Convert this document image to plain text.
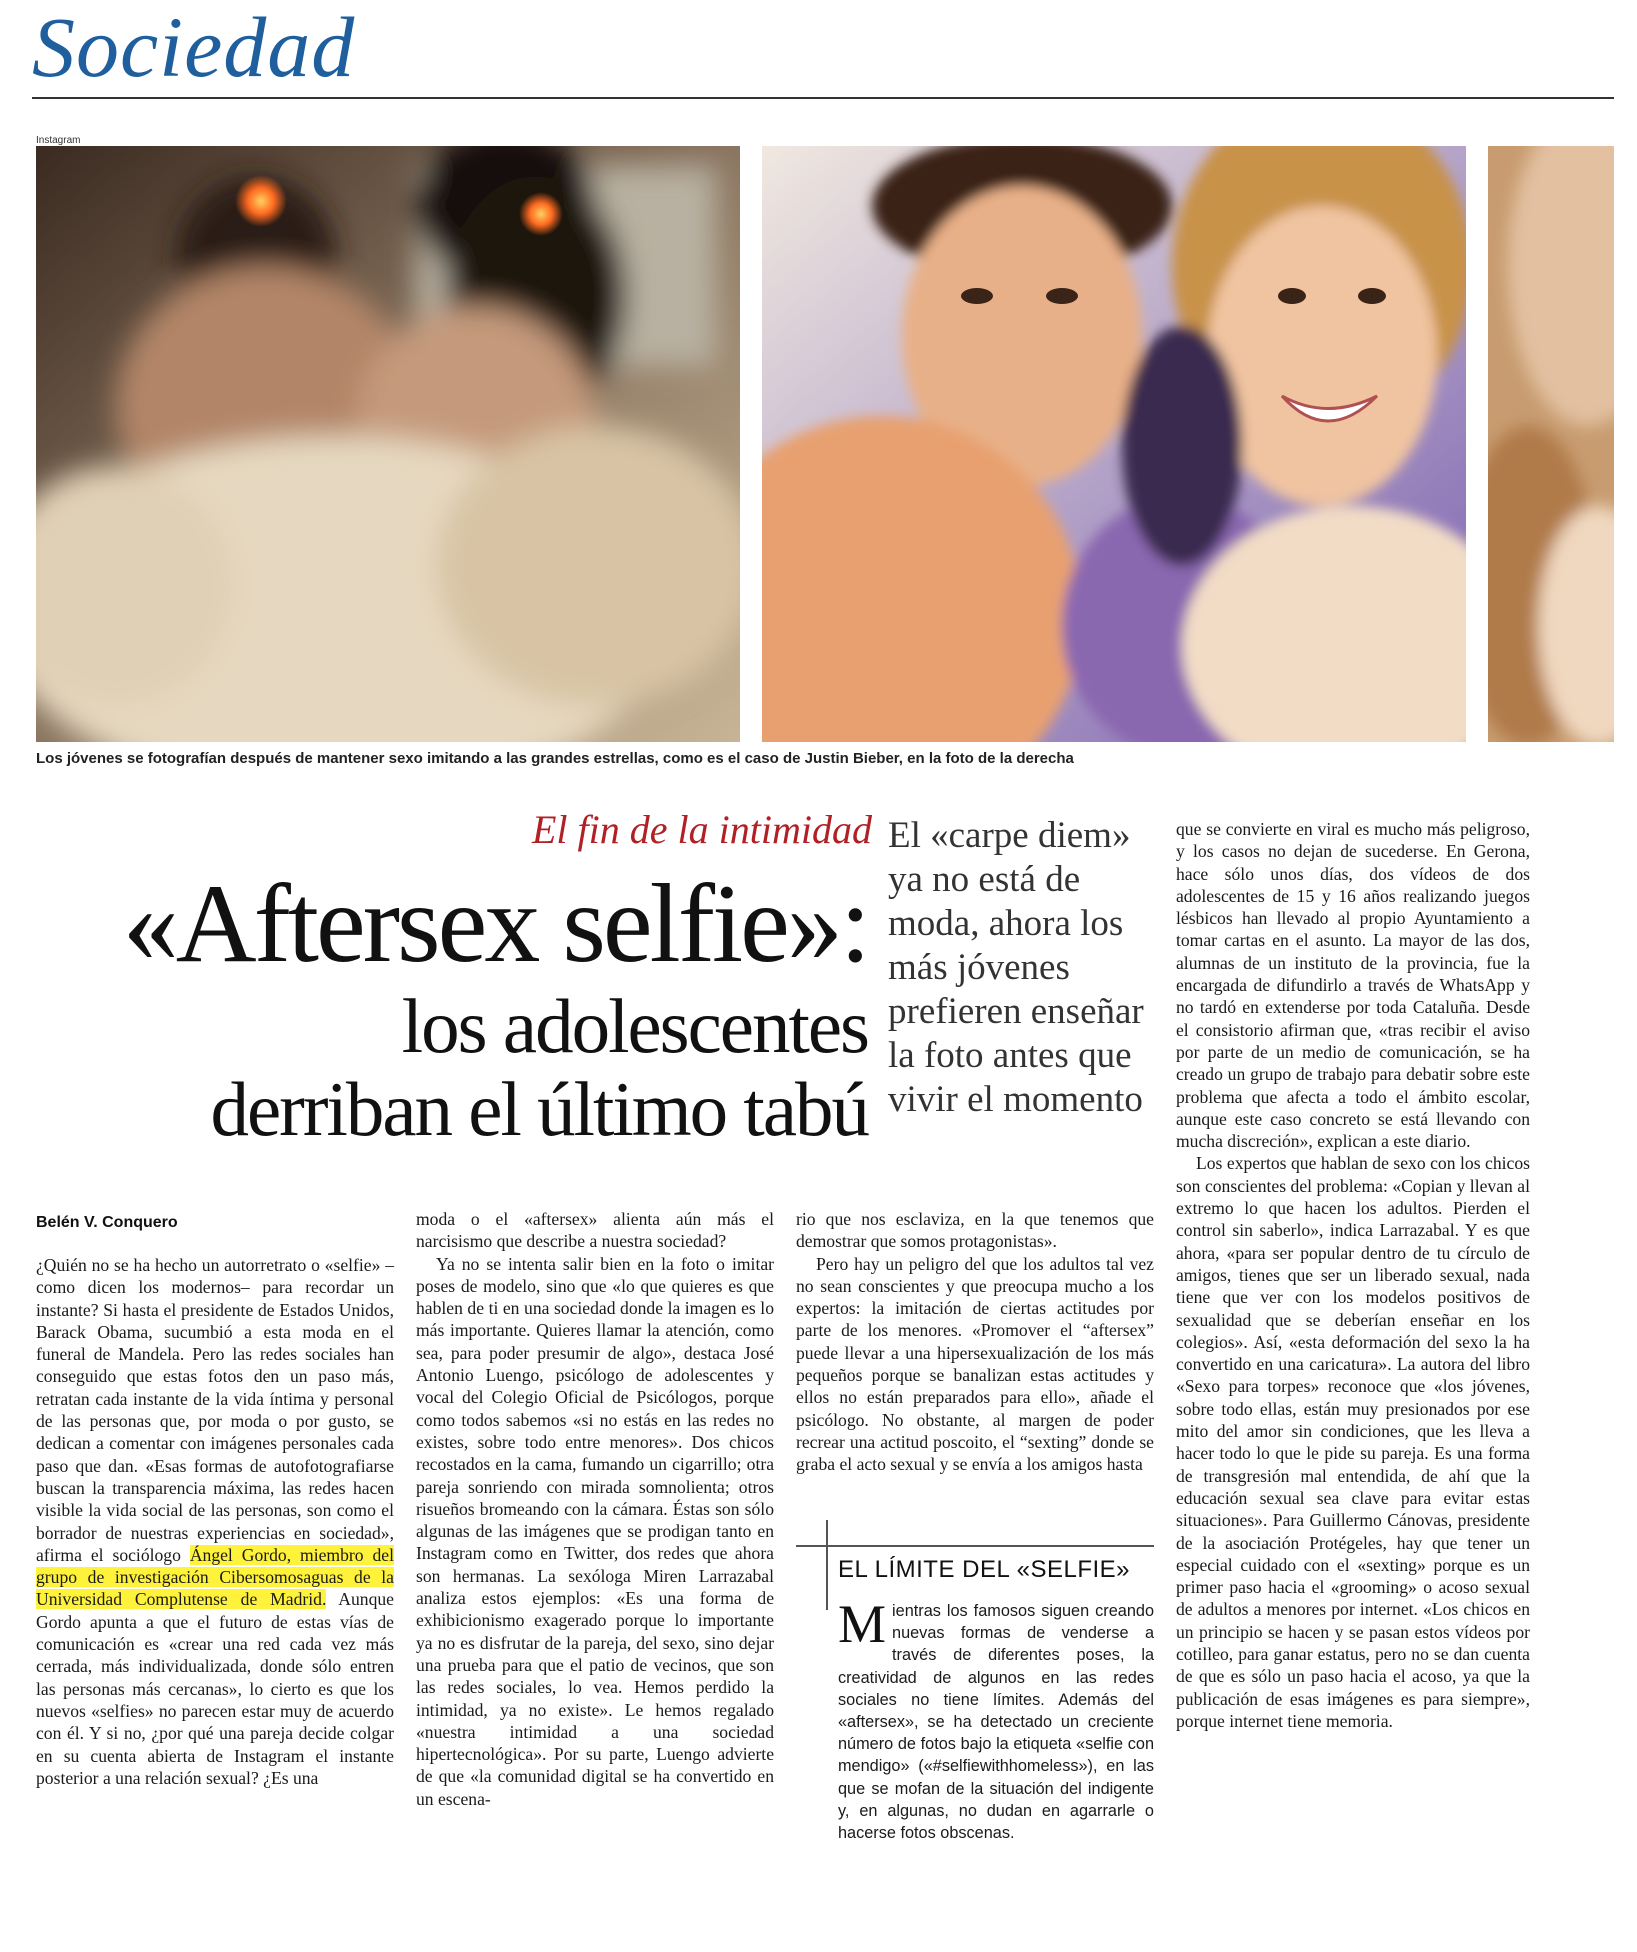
Sociedad
Instagram
Los jóvenes se fotografían después de mantener sexo imitando a las grandes estrellas, como es el caso de Justin Bieber, en la foto de la derecha
El fin de la intimidad
«Aftersex selfie»:
los adolescentes
derriban el último tabú
El «carpe diem» ya no está de moda, ahora los más jóvenes prefieren enseñar la foto antes que vivir el momento
Belén V. Conquero

¿Quién no se ha hecho un autorretrato o «selfie» –como dicen los modernos– para recordar un instante? Si hasta el presidente de Estados Unidos, Barack Obama, sucumbió a esta moda en el funeral de Mandela. Pero las redes sociales han conseguido que estas fotos den un paso más, retratan cada instante de la vida íntima y personal de las personas que, por moda o por gusto, se dedican a comentar con imágenes personales cada paso que dan. «Esas formas de autofotografiarse buscan la transparencia máxima, las redes hacen visible la vida social de las personas, son como el borrador de nuestras experiencias en sociedad», afirma el sociólogo Ángel Gordo, miembro del grupo de investigación Cibersomosaguas de la Universidad Complutense de Madrid. Aunque Gordo apunta a que el futuro de estas vías de comunicación es «crear una red cada vez más cerrada, más individualizada, donde sólo entren las personas más cercanas», lo cierto es que los nuevos «selfies» no parecen estar muy de acuerdo con él. Y si no, ¿por qué una pareja decide colgar en su cuenta abierta de Instagram el instante posterior a una relación sexual? ¿Es una

moda o el «aftersex» alienta aún más el narcisismo que describe a nuestra sociedad?

Ya no se intenta salir bien en la foto o imitar poses de modelo, sino que «lo que quieres es que hablen de ti en una sociedad donde la imagen es lo más importante. Quieres llamar la atención, como sea, para poder presumir de algo», destaca José Antonio Luengo, psicólogo de adolescentes y vocal del Colegio Oficial de Psicólogos, porque como todos sabemos «si no estás en las redes no existes, sobre todo entre menores». Dos chicos recostados en la cama, fumando un cigarrillo; otra pareja sonriendo con mirada somnolienta; otros risueños bromeando con la cámara. Éstas son sólo algunas de las imágenes que se prodigan tanto en Instagram como en Twitter, dos redes que ahora son hermanas. La sexóloga Miren Larrazabal analiza estos ejemplos: «Es una forma de exhibicionismo exagerado porque lo importante ya no es disfrutar de la pareja, del sexo, sino dejar una prueba para que el patio de vecinos, que son las redes sociales, lo vea. Hemos perdido la intimidad, ya no existe». Le hemos regalado «nuestra intimidad a una sociedad hipertecnológica». Por su parte, Luengo advierte de que «la comunidad digital se ha convertido en un escena-

rio que nos esclaviza, en la que tenemos que demostrar que somos protagonistas».

Pero hay un peligro del que los adultos tal vez no sean conscientes y que preocupa mucho a los expertos: la imitación de ciertas actitudes por parte de los menores. «Promover el “aftersex” puede llevar a una hipersexualización de los más pequeños porque se banalizan estas actitudes y ellos no están preparados para ello», añade el psicólogo. No obstante, al margen de poder recrear una actitud poscoito, el “sexting” donde se graba el acto sexual y se envía a los amigos hasta

EL LÍMITE DEL «SELFIE»
Mientras los famosos siguen creando nuevas formas de venderse a través de diferentes poses, la creatividad de algunos en las redes sociales no tiene límites. Además del «aftersex», se ha detectado un creciente número de fotos bajo la etiqueta «selfie con mendigo» («#selfiewithhomeless»), en las que se mofan de la situación del indigente y, en algunas, no dudan en agarrarle o hacerse fotos obscenas.

que se convierte en viral es mucho más peligroso, y los casos no dejan de sucederse. En Gerona, hace sólo unos días, dos vídeos de dos adolescentes de 15 y 16 años realizando juegos lésbicos han llevado al propio Ayuntamiento a tomar cartas en el asunto. La mayor de las dos, alumnas de un instituto de la provincia, fue la encargada de difundirlo a través de WhatsApp y no tardó en extenderse por toda Cataluña. Desde el consistorio afirman que, «tras recibir el aviso por parte de un medio de comunicación, se ha creado un grupo de trabajo para debatir sobre este problema que afecta a todo el ámbito escolar, aunque este caso concreto se está llevando con mucha discreción», explican a este diario.

Los expertos que hablan de sexo con los chicos son conscientes del problema: «Copian y llevan al extremo lo que hacen los adultos. Pierden el control sin saberlo», indica Larrazabal. Y es que ahora, «para ser popular dentro de tu círculo de amigos, tienes que ser un liberado sexual, nada tiene que ver con los modelos positivos de sexualidad que se deberían enseñar en los colegios». Así, «esta deformación del sexo la ha convertido en una caricatura». La autora del libro «Sexo para torpes» reconoce que «los jóvenes, sobre todo ellas, están muy presionados por ese mito del amor sin condiciones, que les lleva a hacer todo lo que le pide su pareja. Es una forma de transgresión mal entendida, de ahí que la educación sexual sea clave para evitar estas situaciones». Para Guillermo Cánovas, presidente de la asociación Protégeles, hay que tener un especial cuidado con el «sexting» porque es un primer paso hacia el «grooming» o acoso sexual de adultos a menores por internet. «Los chicos en un principio se hacen y se pasan estos vídeos por cotilleo, para ganar estatus, pero no se dan cuenta de que es sólo un paso hacia el acoso, ya que la publicación de esas imágenes es para siempre», porque internet tiene memoria.
